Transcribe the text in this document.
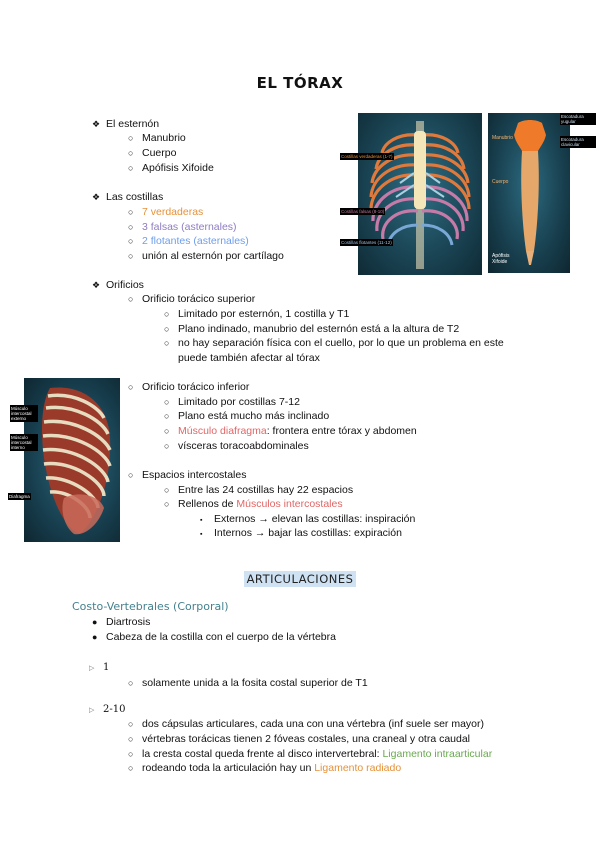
EL TÓRAX
❖ El esternón
○ Manubrio
○ Cuerpo
○ Apófisis Xifoide
❖ Las costillas
○ 7 verdaderas
○ 3 falsas (asternales)
○ 2 flotantes (asternales)
○ unión al esternón por cartílago
❖ Orificios
○ Orificio torácico superior
○ Limitado por esternón, 1 costilla y T1
○ Plano indinado, manubrio del esternón está a la altura de T2
○ no hay separación física con el cuello, por lo que un problema en este
puede también afectar al tórax
○ Orificio torácico inferior
○ Limitado por costillas 7-12
○ Plano está mucho más inclinado
○ Músculo diafragma: frontera entre tórax y abdomen
○ vísceras toracoabdominales
○ Espacios intercostales
○ Entre las 24 costillas hay 22 espacios
○ Rellenos de Músculos intercostales
▪ Externos → elevan las costillas: inspiración
▪ Internos → bajar las costillas: expiración
ARTICULACIONES
Costo-Vertebrales (Corporal)
● Diartrosis
● Cabeza de la costilla con el cuerpo de la vértebra
▷ 1
○ solamente unida a la fosita costal superior de T1
▷ 2-10
○ dos cápsulas articulares, cada una con una vértebra (inf suele ser mayor)
○ vértebras torácicas tienen 2 fóveas costales, una craneal y otra caudal
○ la cresta costal queda frente al disco intervertebral: Ligamento intraarticular
○ rodeando toda la articulación hay un Ligamento radiado
Costillas verdaderas (1-7)
Costillas falsas (8-10)
Costillas flotantes (11-12)
Manubrio
Cuerpo
Apófisis Xifoide
Escotadura yugular
Escotadura clavicular
Músculo intercostal externo
Músculo intercostal interno
Diafragma
